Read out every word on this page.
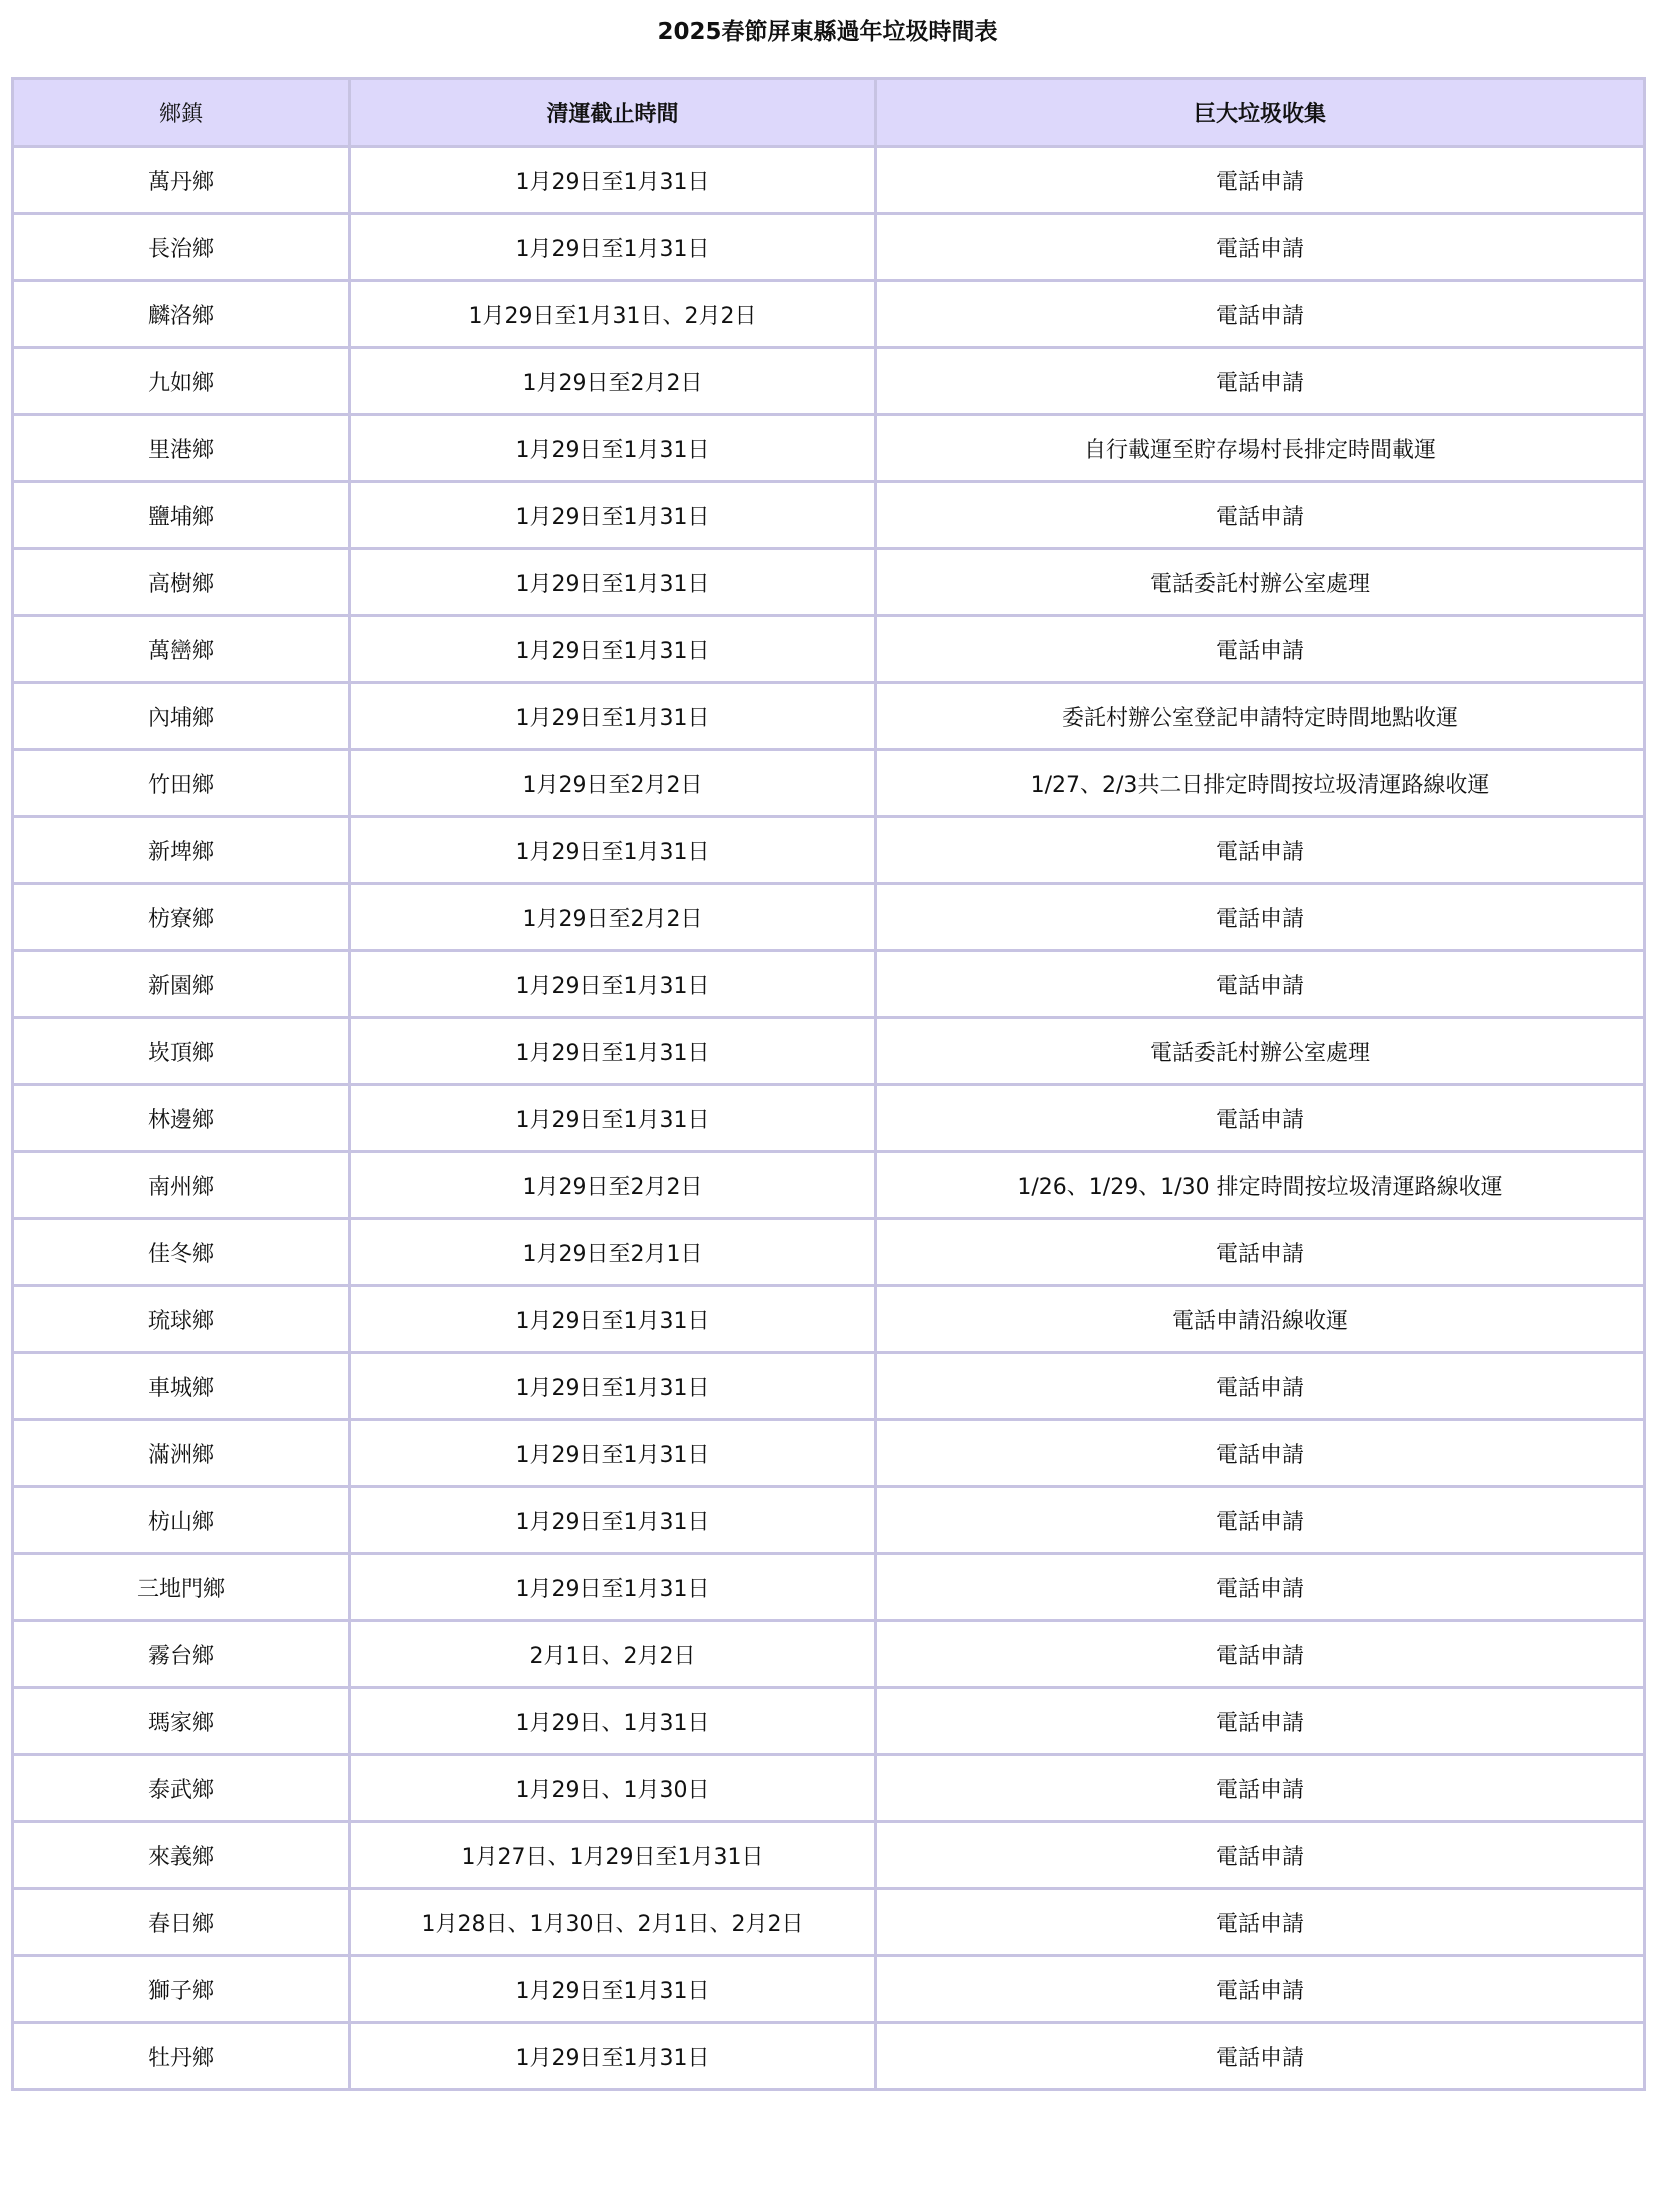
2025春節屏東縣過年垃圾時間表
鄉鎮	清運截止時間	巨大垃圾收集
萬丹鄉	1月29日至1月31日	電話申請
長治鄉	1月29日至1月31日	電話申請
麟洛鄉	1月29日至1月31日、2月2日	電話申請
九如鄉	1月29日至2月2日	電話申請
里港鄉	1月29日至1月31日	自行載運至貯存場村長排定時間載運
鹽埔鄉	1月29日至1月31日	電話申請
高樹鄉	1月29日至1月31日	電話委託村辦公室處理
萬巒鄉	1月29日至1月31日	電話申請
內埔鄉	1月29日至1月31日	委託村辦公室登記申請特定時間地點收運
竹田鄉	1月29日至2月2日	1/27、2/3共二日排定時間按垃圾清運路線收運
新埤鄉	1月29日至1月31日	電話申請
枋寮鄉	1月29日至2月2日	電話申請
新園鄉	1月29日至1月31日	電話申請
崁頂鄉	1月29日至1月31日	電話委託村辦公室處理
林邊鄉	1月29日至1月31日	電話申請
南州鄉	1月29日至2月2日	1/26、1/29、1/30 排定時間按垃圾清運路線收運
佳冬鄉	1月29日至2月1日	電話申請
琉球鄉	1月29日至1月31日	電話申請沿線收運
車城鄉	1月29日至1月31日	電話申請
滿洲鄉	1月29日至1月31日	電話申請
枋山鄉	1月29日至1月31日	電話申請
三地門鄉	1月29日至1月31日	電話申請
霧台鄉	2月1日、2月2日	電話申請
瑪家鄉	1月29日、1月31日	電話申請
泰武鄉	1月29日、1月30日	電話申請
來義鄉	1月27日、1月29日至1月31日	電話申請
春日鄉	1月28日、1月30日、2月1日、2月2日	電話申請
獅子鄉	1月29日至1月31日	電話申請
牡丹鄉	1月29日至1月31日	電話申請
